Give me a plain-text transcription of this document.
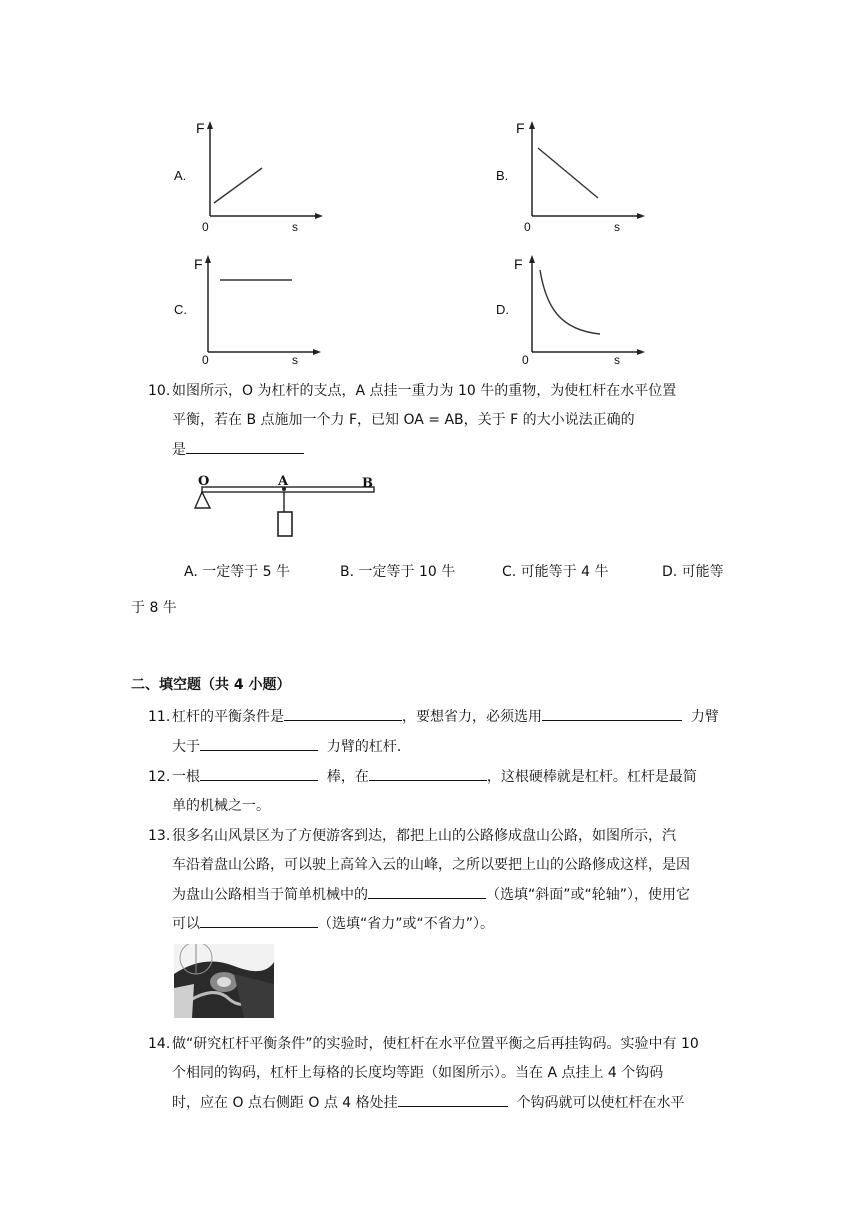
A.
F
0	s
B.
F
0	s
C.
F
0	s
D.
F
0	s
10. 如图所示，O 为杠杆的支点，A 点挂一重力为 10 牛的重物，为使杠杆在水平位置
平衡，若在 B 点施加一个力 F，已知 OA = AB，关于 F 的大小说法正确的
是
O	A	B
A. 一定等于 5 牛	B. 一定等于 10 牛	C. 可能等于 4 牛	D. 可能等
于 8 牛
二、填空题（共 4 小题）
11. 杠杆的平衡条件是	，要想省力，必须选用	力臂
大于	力臂的杠杆.
12. 一根	棒，在	，这根硬棒就是杠杆。杠杆是最简
单的机械之一。
13. 很多名山风景区为了方便游客到达，都把上山的公路修成盘山公路，如图所示，汽
车沿着盘山公路，可以驶上高耸入云的山峰，之所以要把上山的公路修成这样，是因
为盘山公路相当于简单机械中的	（选填“斜面”或“轮轴”），使用它
可以	（选填“省力”或“不省力”）。
14. 做“研究杠杆平衡条件”的实验时，使杠杆在水平位置平衡之后再挂钩码。实验中有 10
个相同的钩码，杠杆上每格的长度均等距（如图所示）。当在 A 点挂上 4 个钩码
时，应在 O 点右侧距 O 点 4 格处挂	个钩码就可以使杠杆在水平
